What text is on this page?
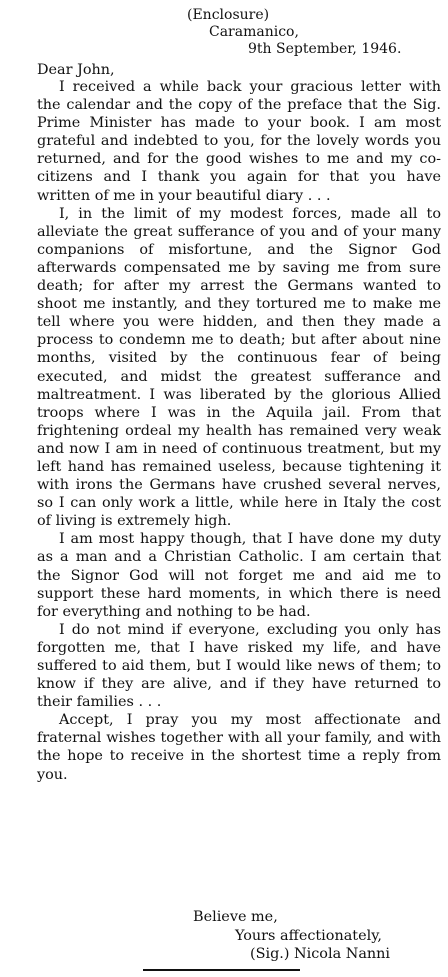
(Enclosure)
Caramanico,
9th September, 1946.
Dear John,

I received a while back your gracious letter with the calendar and the copy of the preface that the Sig. Prime Minister has made to your book. I am most grateful and indebted to you, for the lovely words you returned, and for the good wishes to me and my co-citizens and I thank you again for that you have written of me in your beautiful diary . . .

I, in the limit of my modest forces, made all to alleviate the great sufferance of you and of your many companions of misfortune, and the Signor God afterwards compensated me by saving me from sure death; for after my arrest the Germans wanted to shoot me instantly, and they tortured me to make me tell where you were hidden, and then they made a process to condemn me to death; but after about nine months, visited by the continuous fear of being executed, and midst the greatest sufferance and maltreatment. I was liberated by the glorious Allied troops where I was in the Aquila jail. From that frightening ordeal my health has remained very weak and now I am in need of continuous treatment, but my left hand has remained useless, because tightening it with irons the Germans have crushed several nerves, so I can only work a little, while here in Italy the cost of living is extremely high.

I am most happy though, that I have done my duty as a man and a Christian Catholic. I am certain that the Signor God will not forget me and aid me to support these hard moments, in which there is need for everything and nothing to be had.

I do not mind if everyone, excluding you only has forgotten me, that I have risked my life, and have suffered to aid them, but I would like news of them; to know if they are alive, and if they have returned to their families . . .

Accept, I pray you my most affectionate and fraternal wishes together with all your family, and with the hope to receive in the shortest time a reply from you.

Believe me,
Yours affectionately,
(Sig.) Nicola Nanni
